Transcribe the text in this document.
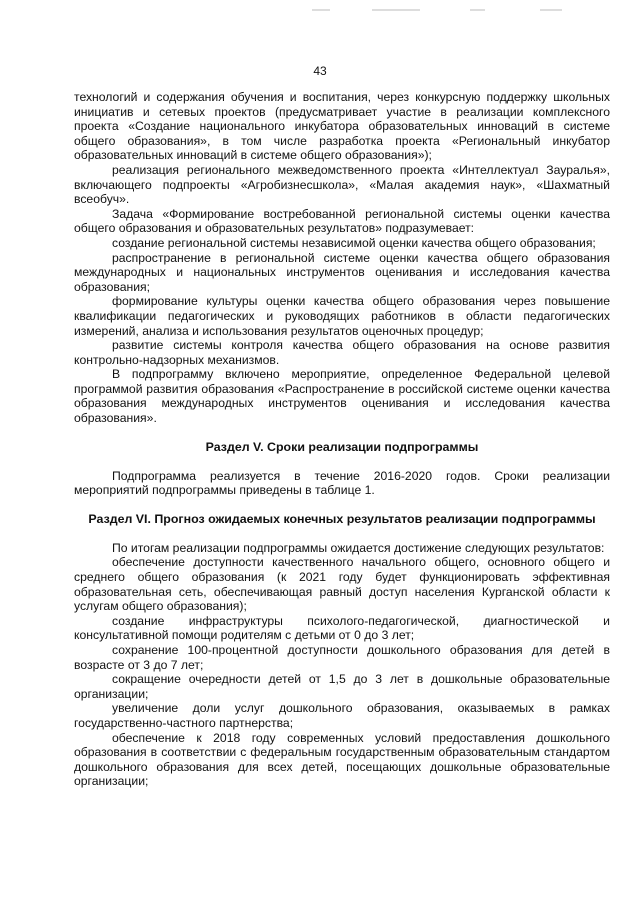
43

технологий и содержания обучения и воспитания, через конкурсную поддержку школьных инициатив и сетевых проектов (предусматривает участие в реализации комплексного проекта «Создание национального инкубатора образовательных инноваций в системе общего образования», в том числе разработка проекта «Региональный инкубатор образовательных инноваций в системе общего образования»);

реализация регионального межведомственного проекта «Интеллектуал Зауралья», включающего подпроекты «Агробизнесшкола», «Малая академия наук», «Шахматный всеобуч».

Задача «Формирование востребованной региональной системы оценки качества общего образования и образовательных результатов» подразумевает:

создание региональной системы независимой оценки качества общего образования;

распространение в региональной системе оценки качества общего образования международных и национальных инструментов оценивания и исследования качества образования;

формирование культуры оценки качества общего образования через повышение квалификации педагогических и руководящих работников в области педагогических измерений, анализа и использования результатов оценочных процедур;

развитие системы контроля качества общего образования на основе развития контрольно-надзорных механизмов.

В подпрограмму включено мероприятие, определенное Федеральной целевой программой развития образования «Распространение в российской системе оценки качества образования международных инструментов оценивания и исследования качества образования».

Раздел V. Сроки реализации подпрограммы

Подпрограмма реализуется в течение 2016-2020 годов. Сроки реализации мероприятий подпрограммы приведены в таблице 1.

Раздел VI. Прогноз ожидаемых конечных результатов реализации подпрограммы

По итогам реализации подпрограммы ожидается достижение следующих результатов:

обеспечение доступности качественного начального общего, основного общего и среднего общего образования (к 2021 году будет функционировать эффективная образовательная сеть, обеспечивающая равный доступ населения Курганской области к услугам общего образования);

создание инфраструктуры психолого-педагогической, диагностической и консультативной помощи родителям с детьми от 0 до 3 лет;

сохранение 100-процентной доступности дошкольного образования для детей в возрасте от 3 до 7 лет;

сокращение очередности детей от 1,5 до 3 лет в дошкольные образовательные организации;

увеличение доли услуг дошкольного образования, оказываемых в рамках государственно-частного партнерства;

обеспечение к 2018 году современных условий предоставления дошкольного образования в соответствии с федеральным государственным образовательным стандартом дошкольного образования для всех детей, посещающих дошкольные образовательные организации;
